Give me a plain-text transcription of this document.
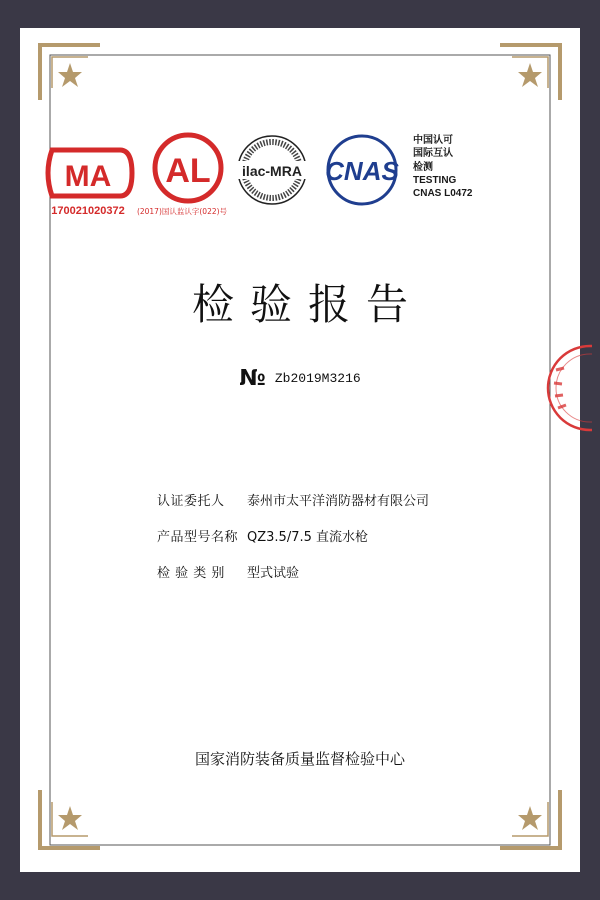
MA
170021020372
AL
(2017)国认监认字(022)号
ilac-MRA CNAS
中国认可
国际互认
检测
TESTING
CNAS L0472
检验报告
№ Zb2019M3216
认证委托人	泰州市太平洋消防器材有限公司
产品型号名称 QZ3.5/7.5 直流水枪
检 验 类 别	型式试验
国家消防装备质量监督检验中心
